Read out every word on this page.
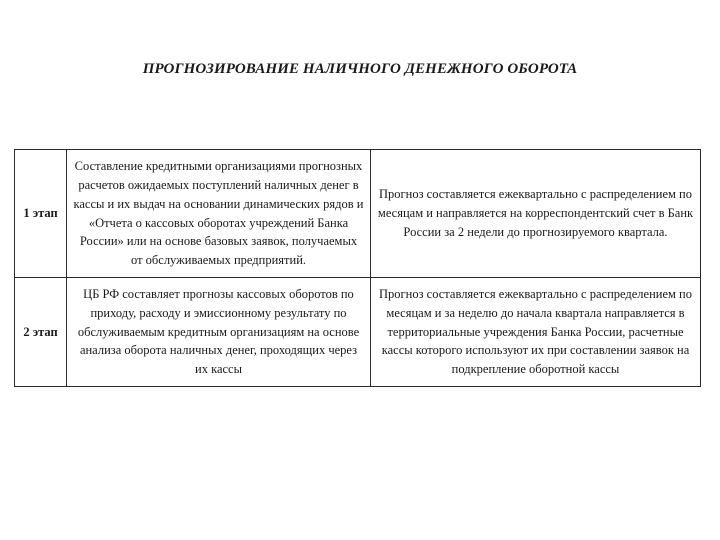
ПРОГНОЗИРОВАНИЕ НАЛИЧНОГО ДЕНЕЖНОГО ОБОРОТА
1 этап	Составление кредитными организациями прогнозных расчетов ожидаемых поступлений наличных денег в кассы и их выдач на основании динамических рядов и «Отчета о кассовых оборотах учреждений Банка России» или на основе базовых заявок, получаемых от обслуживаемых предприятий.	Прогноз составляется ежеквартально с распределением по месяцам и направляется на корреспондентский счет в Банк России за 2 недели до прогнозируемого квартала.

2 этап	ЦБ РФ составляет прогнозы кассовых оборотов по приходу, расходу и эмиссионному результату по обслуживаемым кредитным организациям на основе анализа оборота наличных денег, проходящих через их кассы	Прогноз составляется ежеквартально с распределением по месяцам и за неделю до начала квартала направляется в территориальные учреждения Банка России, расчетные кассы которого используют их при составлении заявок на подкрепление оборотной кассы
